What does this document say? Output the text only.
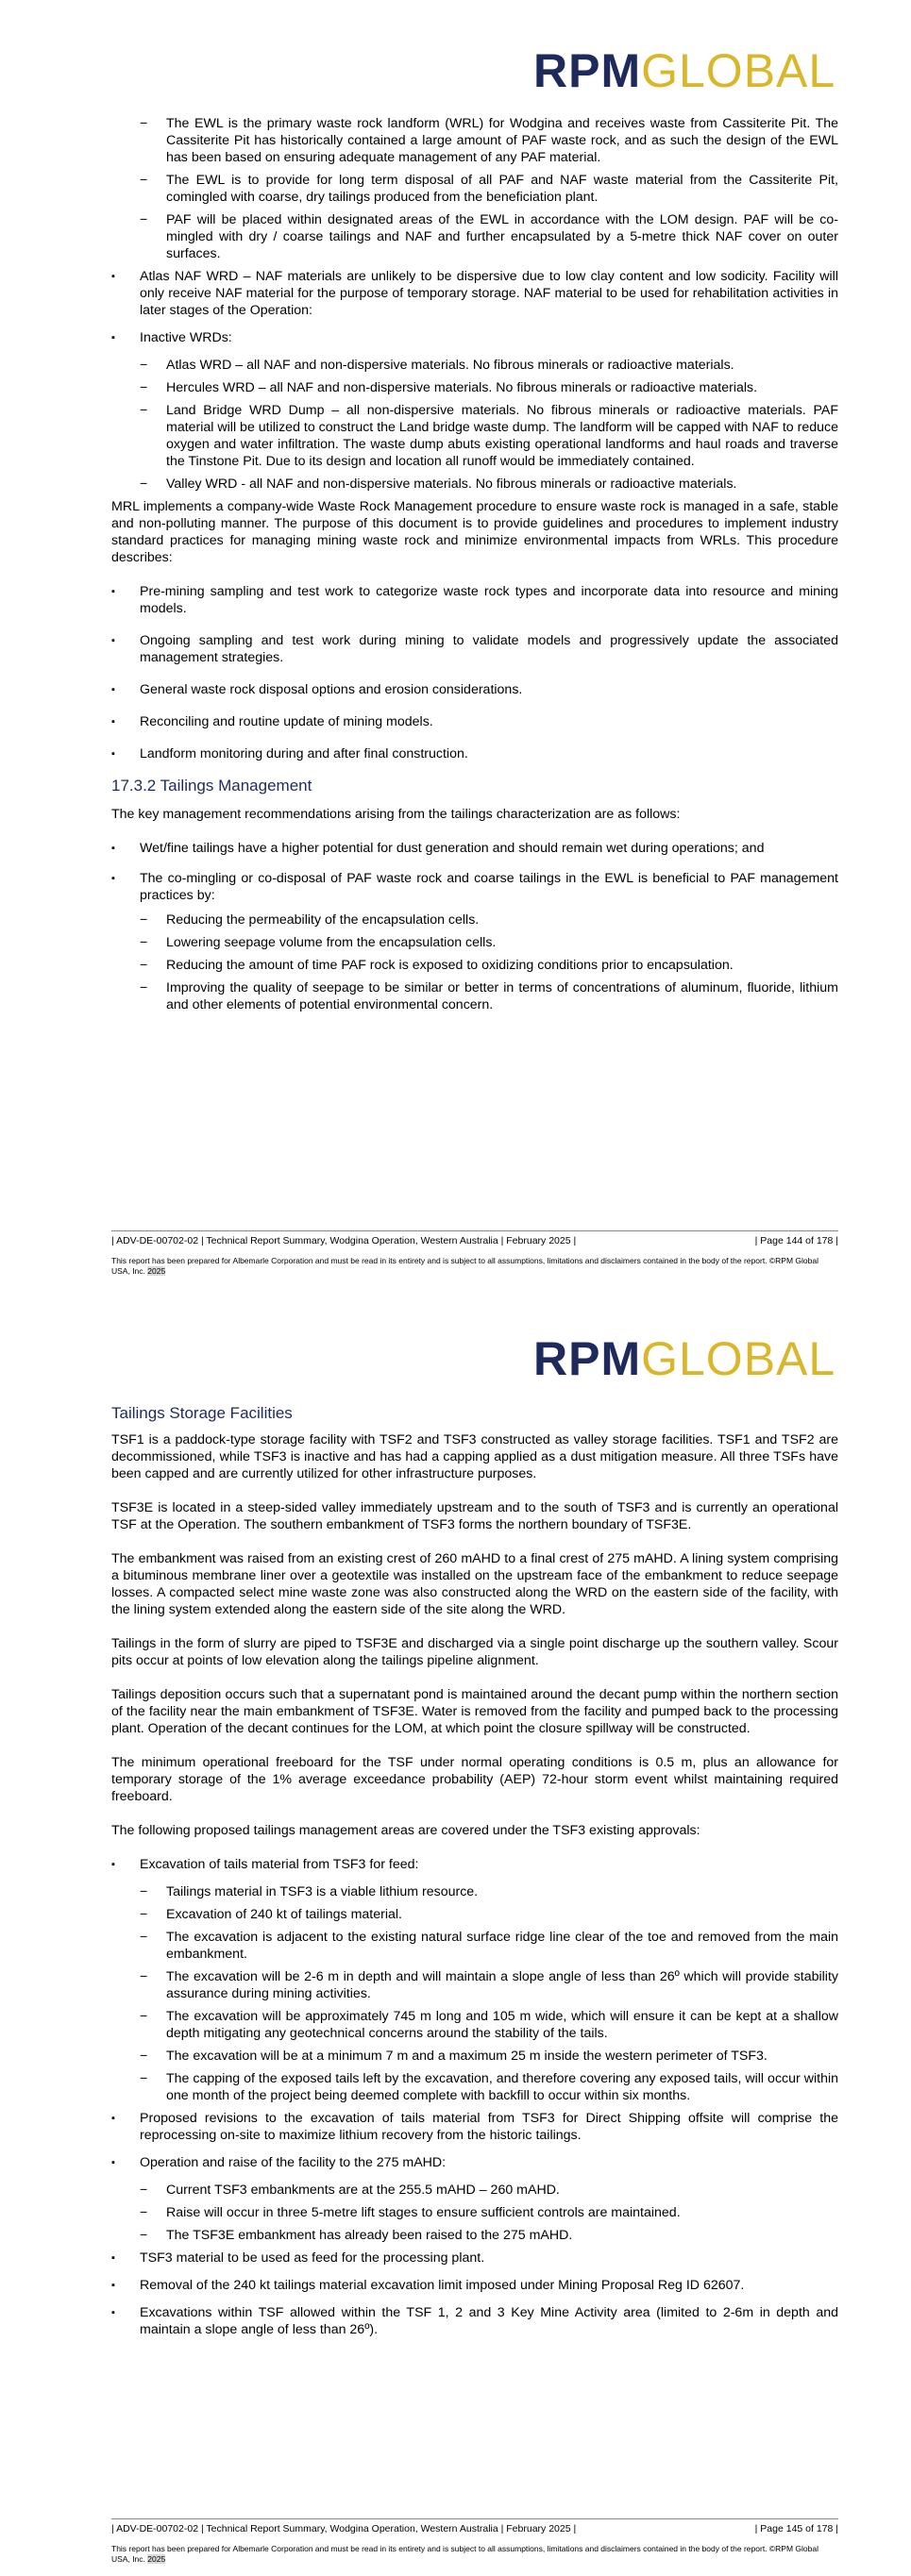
RPMGLOBAL
− The EWL is the primary waste rock landform (WRL) for Wodgina and receives waste from Cassiterite Pit. The Cassiterite Pit has historically contained a large amount of PAF waste rock, and as such the design of the EWL has been based on ensuring adequate management of any PAF material.
− The EWL is to provide for long term disposal of all PAF and NAF waste material from the Cassiterite Pit, comingled with coarse, dry tailings produced from the beneficiation plant.
− PAF will be placed within designated areas of the EWL in accordance with the LOM design. PAF will be co-mingled with dry / coarse tailings and NAF and further encapsulated by a 5-metre thick NAF cover on outer surfaces.
▪ Atlas NAF WRD – NAF materials are unlikely to be dispersive due to low clay content and low sodicity. Facility will only receive NAF material for the purpose of temporary storage. NAF material to be used for rehabilitation activities in later stages of the Operation:
▪ Inactive WRDs:
− Atlas WRD – all NAF and non-dispersive materials. No fibrous minerals or radioactive materials.
− Hercules WRD – all NAF and non-dispersive materials. No fibrous minerals or radioactive materials.
− Land Bridge WRD Dump – all non-dispersive materials. No fibrous minerals or radioactive materials. PAF material will be utilized to construct the Land bridge waste dump. The landform will be capped with NAF to reduce oxygen and water infiltration. The waste dump abuts existing operational landforms and haul roads and traverse the Tinstone Pit. Due to its design and location all runoff would be immediately contained.
− Valley WRD - all NAF and non-dispersive materials. No fibrous minerals or radioactive materials.

MRL implements a company-wide Waste Rock Management procedure to ensure waste rock is managed in a safe, stable and non-polluting manner. The purpose of this document is to provide guidelines and procedures to implement industry standard practices for managing mining waste rock and minimize environmental impacts from WRLs. This procedure describes:

▪ Pre-mining sampling and test work to categorize waste rock types and incorporate data into resource and mining models.
▪ Ongoing sampling and test work during mining to validate models and progressively update the associated management strategies.
▪ General waste rock disposal options and erosion considerations.
▪ Reconciling and routine update of mining models.
▪ Landform monitoring during and after final construction.
17.3.2 Tailings Management

The key management recommendations arising from the tailings characterization are as follows:

▪ Wet/fine tailings have a higher potential for dust generation and should remain wet during operations; and
▪ The co-mingling or co-disposal of PAF waste rock and coarse tailings in the EWL is beneficial to PAF management practices by:
− Reducing the permeability of the encapsulation cells.
− Lowering seepage volume from the encapsulation cells.
− Reducing the amount of time PAF rock is exposed to oxidizing conditions prior to encapsulation.
− Improving the quality of seepage to be similar or better in terms of concentrations of aluminum, fluoride, lithium and other elements of potential environmental concern.
| ADV-DE-00702-02 | Technical Report Summary, Wodgina Operation, Western Australia | February 2025 |	| Page 144 of 178 |
This report has been prepared for Albemarle Corporation and must be read in its entirety and is subject to all assumptions, limitations and disclaimers contained in the body of the report. ©RPM Global USA, Inc. 2025
RPMGLOBAL
Tailings Storage Facilities

TSF1 is a paddock-type storage facility with TSF2 and TSF3 constructed as valley storage facilities. TSF1 and TSF2 are decommissioned, while TSF3 is inactive and has had a capping applied as a dust mitigation measure. All three TSFs have been capped and are currently utilized for other infrastructure purposes.

TSF3E is located in a steep-sided valley immediately upstream and to the south of TSF3 and is currently an operational TSF at the Operation. The southern embankment of TSF3 forms the northern boundary of TSF3E.

The embankment was raised from an existing crest of 260 mAHD to a final crest of 275 mAHD. A lining system comprising a bituminous membrane liner over a geotextile was installed on the upstream face of the embankment to reduce seepage losses. A compacted select mine waste zone was also constructed along the WRD on the eastern side of the facility, with the lining system extended along the eastern side of the site along the WRD.

Tailings in the form of slurry are piped to TSF3E and discharged via a single point discharge up the southern valley. Scour pits occur at points of low elevation along the tailings pipeline alignment.

Tailings deposition occurs such that a supernatant pond is maintained around the decant pump within the northern section of the facility near the main embankment of TSF3E. Water is removed from the facility and pumped back to the processing plant. Operation of the decant continues for the LOM, at which point the closure spillway will be constructed.

The minimum operational freeboard for the TSF under normal operating conditions is 0.5 m, plus an allowance for temporary storage of the 1% average exceedance probability (AEP) 72-hour storm event whilst maintaining required freeboard.

The following proposed tailings management areas are covered under the TSF3 existing approvals:

▪ Excavation of tails material from TSF3 for feed:
− Tailings material in TSF3 is a viable lithium resource.
− Excavation of 240 kt of tailings material.
− The excavation is adjacent to the existing natural surface ridge line clear of the toe and removed from the main embankment.
− The excavation will be 2-6 m in depth and will maintain a slope angle of less than 26º which will provide stability assurance during mining activities.
− The excavation will be approximately 745 m long and 105 m wide, which will ensure it can be kept at a shallow depth mitigating any geotechnical concerns around the stability of the tails.
− The excavation will be at a minimum 7 m and a maximum 25 m inside the western perimeter of TSF3.
− The capping of the exposed tails left by the excavation, and therefore covering any exposed tails, will occur within one month of the project being deemed complete with backfill to occur within six months.
▪ Proposed revisions to the excavation of tails material from TSF3 for Direct Shipping offsite will comprise the reprocessing on-site to maximize lithium recovery from the historic tailings.
▪ Operation and raise of the facility to the 275 mAHD:
− Current TSF3 embankments are at the 255.5 mAHD – 260 mAHD.
− Raise will occur in three 5-metre lift stages to ensure sufficient controls are maintained.
− The TSF3E embankment has already been raised to the 275 mAHD.
▪ TSF3 material to be used as feed for the processing plant.
▪ Removal of the 240 kt tailings material excavation limit imposed under Mining Proposal Reg ID 62607.
▪ Excavations within TSF allowed within the TSF 1, 2 and 3 Key Mine Activity area (limited to 2-6m in depth and maintain a slope angle of less than 26º).
| ADV-DE-00702-02 | Technical Report Summary, Wodgina Operation, Western Australia | February 2025 |	| Page 145 of 178 |
This report has been prepared for Albemarle Corporation and must be read in its entirety and is subject to all assumptions, limitations and disclaimers contained in the body of the report. ©RPM Global USA, Inc. 2025
